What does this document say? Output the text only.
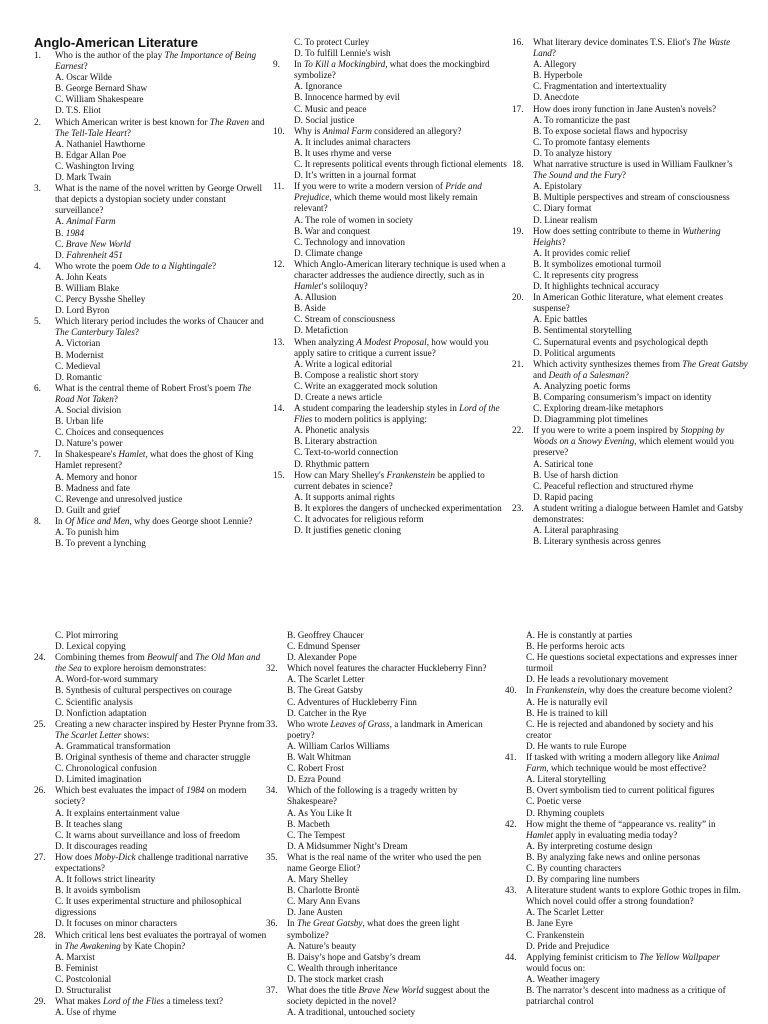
Anglo-American Literature
1. Who is the author of the play The Importance of Being Earnest?
A. Oscar Wilde
B. George Bernard Shaw
C. William Shakespeare
D. T.S. Eliot
2. Which American writer is best known for The Raven and The Tell-Tale Heart?
A. Nathaniel Hawthorne
B. Edgar Allan Poe
C. Washington Irving
D. Mark Twain
3. What is the name of the novel written by George Orwell that depicts a dystopian society under constant surveillance?
A. Animal Farm
B. 1984
C. Brave New World
D. Fahrenheit 451
4. Who wrote the poem Ode to a Nightingale?
A. John Keats
B. William Blake
C. Percy Bysshe Shelley
D. Lord Byron
5. Which literary period includes the works of Chaucer and The Canterbury Tales?
A. Victorian
B. Modernist
C. Medieval
D. Romantic
6. What is the central theme of Robert Frost's poem The Road Not Taken?
A. Social division
B. Urban life
C. Choices and consequences
D. Nature’s power
7. In Shakespeare's Hamlet, what does the ghost of King Hamlet represent?
A. Memory and honor
B. Madness and fate
C. Revenge and unresolved justice
D. Guilt and grief
8. In Of Mice and Men, why does George shoot Lennie?
A. To punish him
B. To prevent a lynching
C. To protect Curley
D. To fulfill Lennie's wish
9. In To Kill a Mockingbird, what does the mockingbird symbolize?
A. Ignorance
B. Innocence harmed by evil
C. Music and peace
D. Social justice
10. Why is Animal Farm considered an allegory?
A. It includes animal characters
B. It uses rhyme and verse
C. It represents political events through fictional elements
D. It’s written in a journal format
11. If you were to write a modern version of Pride and Prejudice, which theme would most likely remain relevant?
A. The role of women in society
B. War and conquest
C. Technology and innovation
D. Climate change
12. Which Anglo-American literary technique is used when a character addresses the audience directly, such as in Hamlet’s soliloquy?
A. Allusion
B. Aside
C. Stream of consciousness
D. Metafiction
13. When analyzing A Modest Proposal, how would you apply satire to critique a current issue?
A. Write a logical editorial
B. Compose a realistic short story
C. Write an exaggerated mock solution
D. Create a news article
14. A student comparing the leadership styles in Lord of the Flies to modern politics is applying:
A. Phonetic analysis
B. Literary abstraction
C. Text-to-world connection
D. Rhythmic pattern
15. How can Mary Shelley's Frankenstein be applied to current debates in science?
A. It supports animal rights
B. It explores the dangers of unchecked experimentation
C. It advocates for religious reform
D. It justifies genetic cloning
16. What literary device dominates T.S. Eliot's The Waste Land?
A. Allegory
B. Hyperbole
C. Fragmentation and intertextuality
D. Anecdote
17. How does irony function in Jane Austen's novels?
A. To romanticize the past
B. To expose societal flaws and hypocrisy
C. To promote fantasy elements
D. To analyze history
18. What narrative structure is used in William Faulkner’s The Sound and the Fury?
A. Epistolary
B. Multiple perspectives and stream of consciousness
C. Diary format
D. Linear realism
19. How does setting contribute to theme in Wuthering Heights?
A. It provides comic relief
B. It symbolizes emotional turmoil
C. It represents city progress
D. It highlights technical accuracy
20. In American Gothic literature, what element creates suspense?
A. Epic battles
B. Sentimental storytelling
C. Supernatural events and psychological depth
D. Political arguments
21. Which activity synthesizes themes from The Great Gatsby and Death of a Salesman?
A. Analyzing poetic forms
B. Comparing consumerism’s impact on identity
C. Exploring dream-like metaphors
D. Diagramming plot timelines
22. If you were to write a poem inspired by Stopping by Woods on a Snowy Evening, which element would you preserve?
A. Satirical tone
B. Use of harsh diction
C. Peaceful reflection and structured rhyme
D. Rapid pacing
23. A student writing a dialogue between Hamlet and Gatsby demonstrates:
A. Literal paraphrasing
B. Literary synthesis across genres
C. Plot mirroring
D. Lexical copying
24. Combining themes from Beowulf and The Old Man and the Sea to explore heroism demonstrates:
A. Word-for-word summary
B. Synthesis of cultural perspectives on courage
C. Scientific analysis
D. Nonfiction adaptation
25. Creating a new character inspired by Hester Prynne from The Scarlet Letter shows:
A. Grammatical transformation
B. Original synthesis of theme and character struggle
C. Chronological confusion
D. Limited imagination
26. Which best evaluates the impact of 1984 on modern society?
A. It explains entertainment value
B. It teaches slang
C. It warns about surveillance and loss of freedom
D. It discourages reading
27. How does Moby-Dick challenge traditional narrative expectations?
A. It follows strict linearity
B. It avoids symbolism
C. It uses experimental structure and philosophical digressions
D. It focuses on minor characters
28. Which critical lens best evaluates the portrayal of women in The Awakening by Kate Chopin?
A. Marxist
B. Feminist
C. Postcolonial
D. Structuralist
29. What makes Lord of the Flies a timeless text?
A. Use of rhyme
B. Geoffrey Chaucer
C. Edmund Spenser
D. Alexander Pope
32. Which novel features the character Huckleberry Finn?
A. The Scarlet Letter
B. The Great Gatsby
C. Adventures of Huckleberry Finn
D. Catcher in the Rye
33. Who wrote Leaves of Grass, a landmark in American poetry?
A. William Carlos Williams
B. Walt Whitman
C. Robert Frost
D. Ezra Pound
34. Which of the following is a tragedy written by Shakespeare?
A. As You Like It
B. Macbeth
C. The Tempest
D. A Midsummer Night’s Dream
35. What is the real name of the writer who used the pen name George Eliot?
A. Mary Shelley
B. Charlotte Brontë
C. Mary Ann Evans
D. Jane Austen
36. In The Great Gatsby, what does the green light symbolize?
A. Nature’s beauty
B. Daisy’s hope and Gatsby’s dream
C. Wealth through inheritance
D. The stock market crash
37. What does the title Brave New World suggest about the society depicted in the novel?
A. A traditional, untouched society
A. He is constantly at parties
B. He performs heroic acts
C. He questions societal expectations and expresses inner turmoil
D. He leads a revolutionary movement
40. In Frankenstein, why does the creature become violent?
A. He is naturally evil
B. He is trained to kill
C. He is rejected and abandoned by society and his creator
D. He wants to rule Europe
41. If tasked with writing a modern allegory like Animal Farm, which technique would be most effective?
A. Literal storytelling
B. Overt symbolism tied to current political figures
C. Poetic verse
D. Rhyming couplets
42. How might the theme of “appearance vs. reality” in Hamlet apply in evaluating media today?
A. By interpreting costume design
B. By analyzing fake news and online personas
C. By counting characters
D. By comparing line numbers
43. A literature student wants to explore Gothic tropes in film. Which novel could offer a strong foundation?
A. The Scarlet Letter
B. Jane Eyre
C. Frankenstein
D. Pride and Prejudice
44. Applying feminist criticism to The Yellow Wallpaper would focus on:
A. Weather imagery
B. The narrator’s descent into madness as a critique of patriarchal control
